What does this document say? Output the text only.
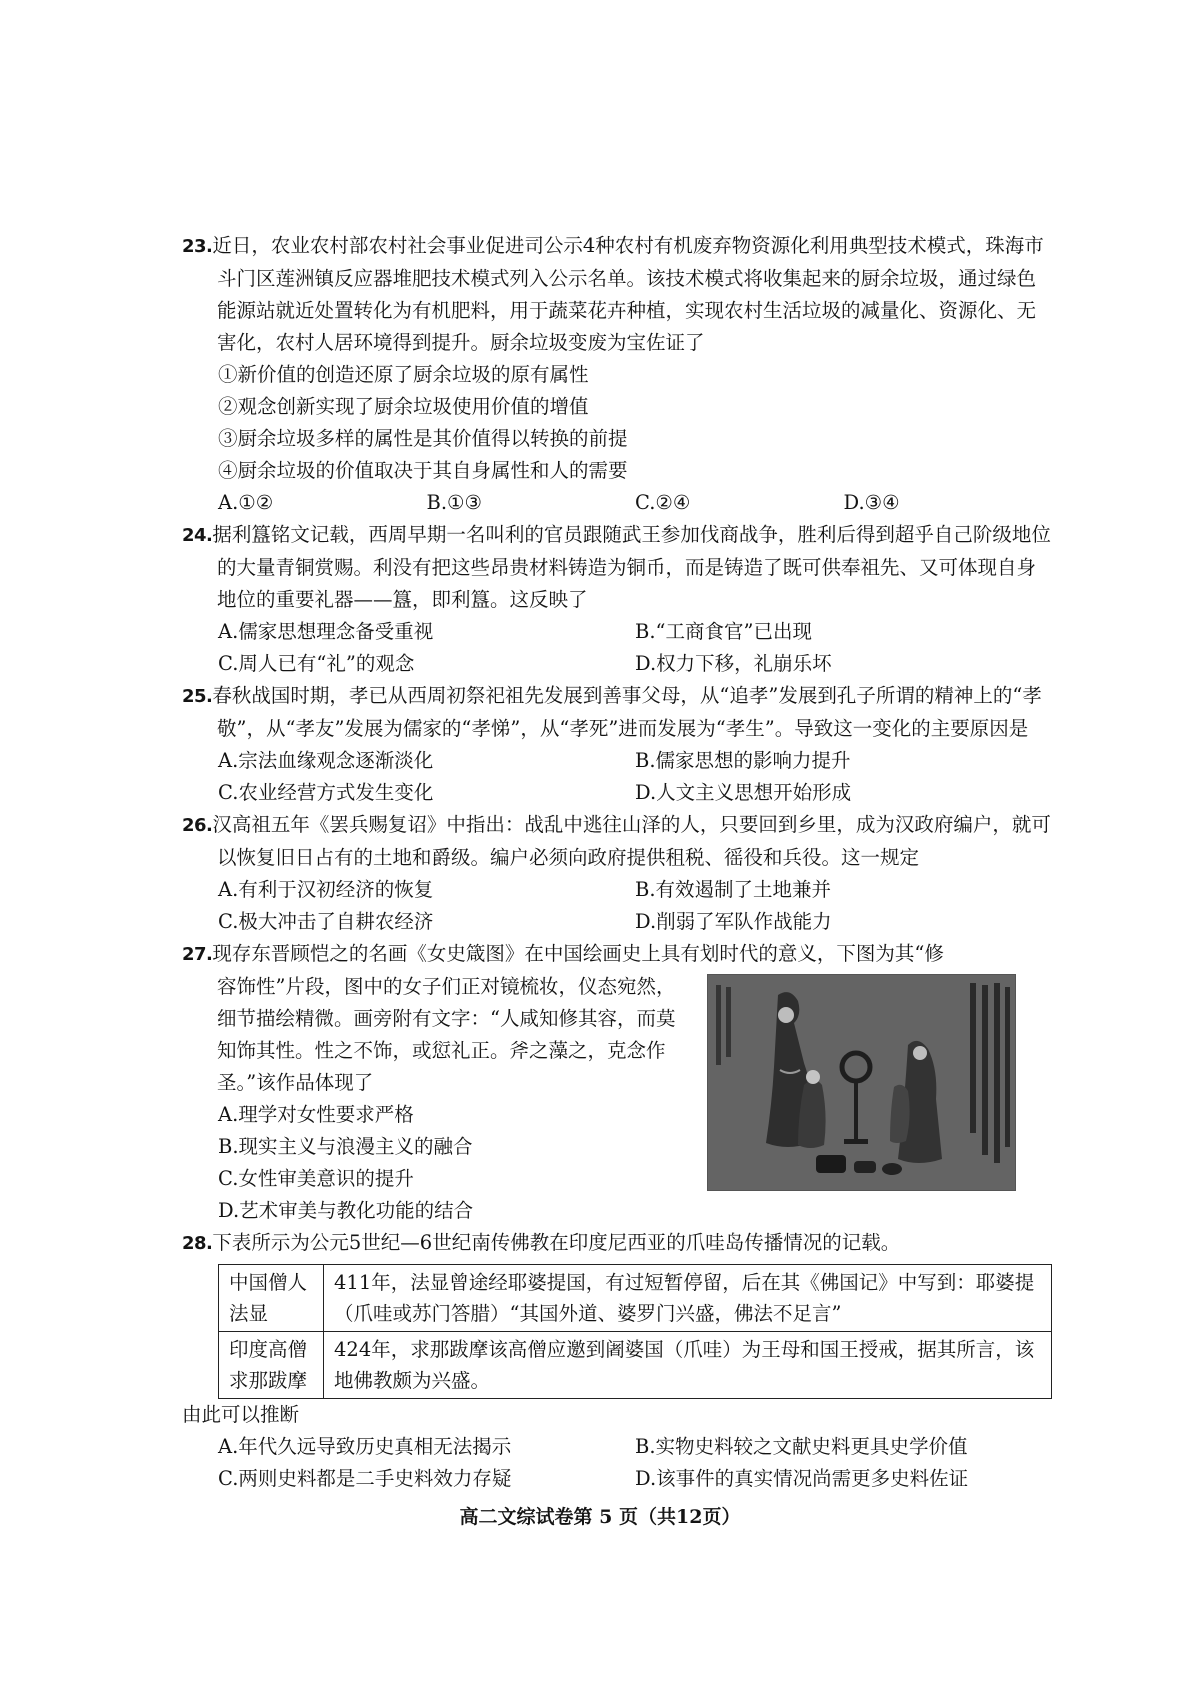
23.近日，农业农村部农村社会事业促进司公示4种农村有机废弃物资源化利用典型技术模式，珠海市斗门区莲洲镇反应器堆肥技术模式列入公示名单。该技术模式将收集起来的厨余垃圾，通过绿色能源站就近处置转化为有机肥料，用于蔬菜花卉种植，实现农村生活垃圾的减量化、资源化、无害化，农村人居环境得到提升。厨余垃圾变废为宝佐证了
①新价值的创造还原了厨余垃圾的原有属性
②观念创新实现了厨余垃圾使用价值的增值
③厨余垃圾多样的属性是其价值得以转换的前提
④厨余垃圾的价值取决于其自身属性和人的需要
A.①②	B.①③	C.②④	D.③④
24.据利簋铭文记载，西周早期一名叫利的官员跟随武王参加伐商战争，胜利后得到超乎自己阶级地位的大量青铜赏赐。利没有把这些昂贵材料铸造为铜币，而是铸造了既可供奉祖先、又可体现自身地位的重要礼器——簋，即利簋。这反映了
A.儒家思想理念备受重视	B.“工商食官”已出现
C.周人已有“礼”的观念	D.权力下移，礼崩乐坏
25.春秋战国时期，孝已从西周初祭祀祖先发展到善事父母，从“追孝”发展到孔子所谓的精神上的“孝敬”，从“孝友”发展为儒家的“孝悌”，从“孝死”进而发展为“孝生”。导致这一变化的主要原因是
A.宗法血缘观念逐渐淡化	B.儒家思想的影响力提升
C.农业经营方式发生变化	D.人文主义思想开始形成
26.汉高祖五年《罢兵赐复诏》中指出：战乱中逃往山泽的人，只要回到乡里，成为汉政府编户，就可以恢复旧日占有的土地和爵级。编户必须向政府提供租税、徭役和兵役。这一规定
A.有利于汉初经济的恢复	B.有效遏制了土地兼并
C.极大冲击了自耕农经济	D.削弱了军队作战能力
27.现存东晋顾恺之的名画《女史箴图》在中国绘画史上具有划时代的意义，下图为其“修
容饰性”片段，图中的女子们正对镜梳妆，仪态宛然，细节描绘精微。画旁附有文字：“人咸知修其容，而莫知饰其性。性之不饰，或愆礼正。斧之藻之，克念作圣。”该作品体现了
A.理学对女性要求严格
B.现实主义与浪漫主义的融合
C.女性审美意识的提升
D.艺术审美与教化功能的结合
28.下表所示为公元5世纪—6世纪南传佛教在印度尼西亚的爪哇岛传播情况的记载。
中国僧人法显	411年，法显曾途经耶婆提国，有过短暂停留，后在其《佛国记》中写到：耶婆提（爪哇或苏门答腊）“其国外道、婆罗门兴盛，佛法不足言”
印度高僧求那跋摩	424年，求那跋摩该高僧应邀到阇婆国（爪哇）为王母和国王授戒，据其所言，该地佛教颇为兴盛。
由此可以推断
A.年代久远导致历史真相无法揭示	B.实物史料较之文献史料更具史学价值
C.两则史料都是二手史料效力存疑	D.该事件的真实情况尚需更多史料佐证
高二文综试卷第 5 页（共12页）
